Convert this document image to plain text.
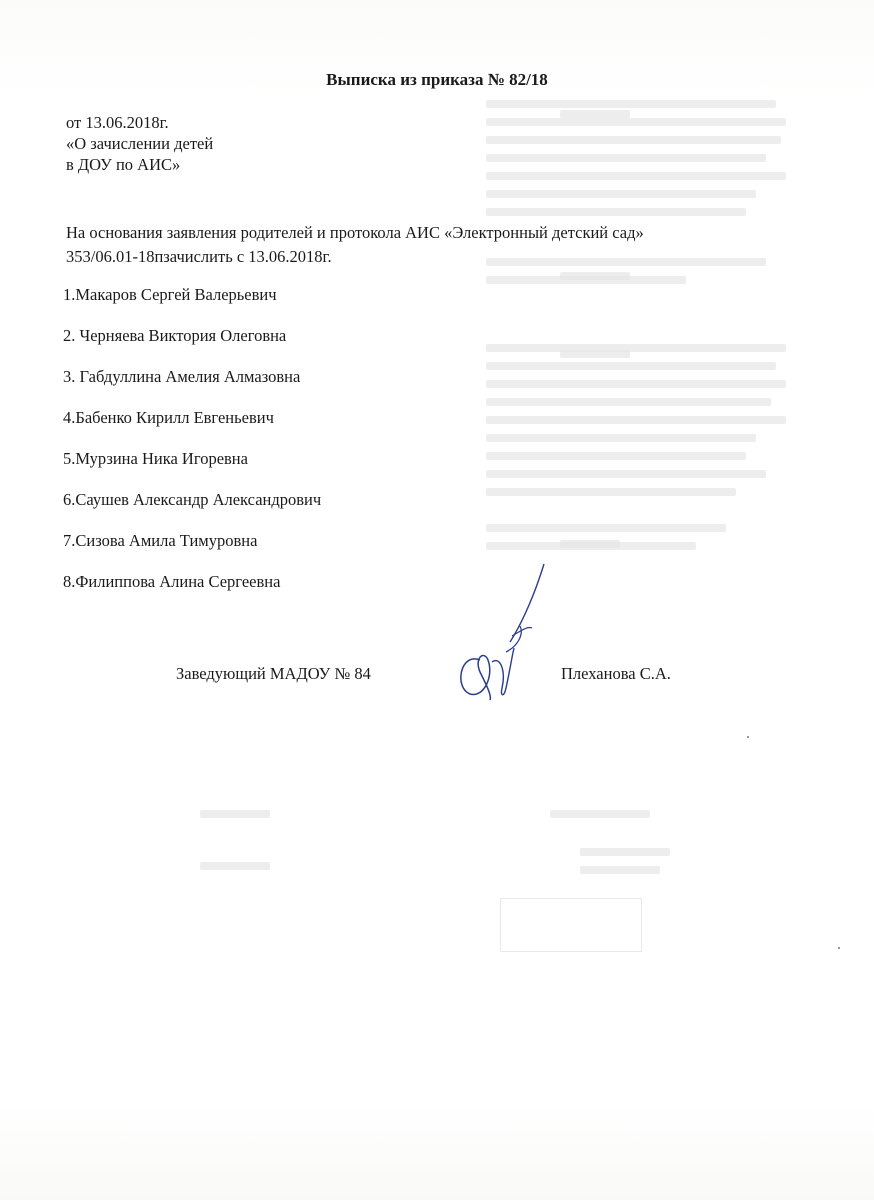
Выписка из приказа № 82/18
от 13.06.2018г.
«О зачислении детей
в ДОУ по АИС»
На основания заявления родителей и протокола АИС «Электронный детский сад»
353/06.01-18пзачислить с 13.06.2018г.
1.Макаров Сергей Валерьевич
2. Черняева Виктория Олеговна
3. Габдуллина Амелия Алмазовна
4.Бабенко Кирилл Евгеньевич
5.Мурзина Ника Игоревна
6.Саушев Александр Александрович
7.Сизова Амила Тимуровна
8.Филиппова Алина Сергеевна
Заведующий МАДОУ № 84	Плеханова С.А.
